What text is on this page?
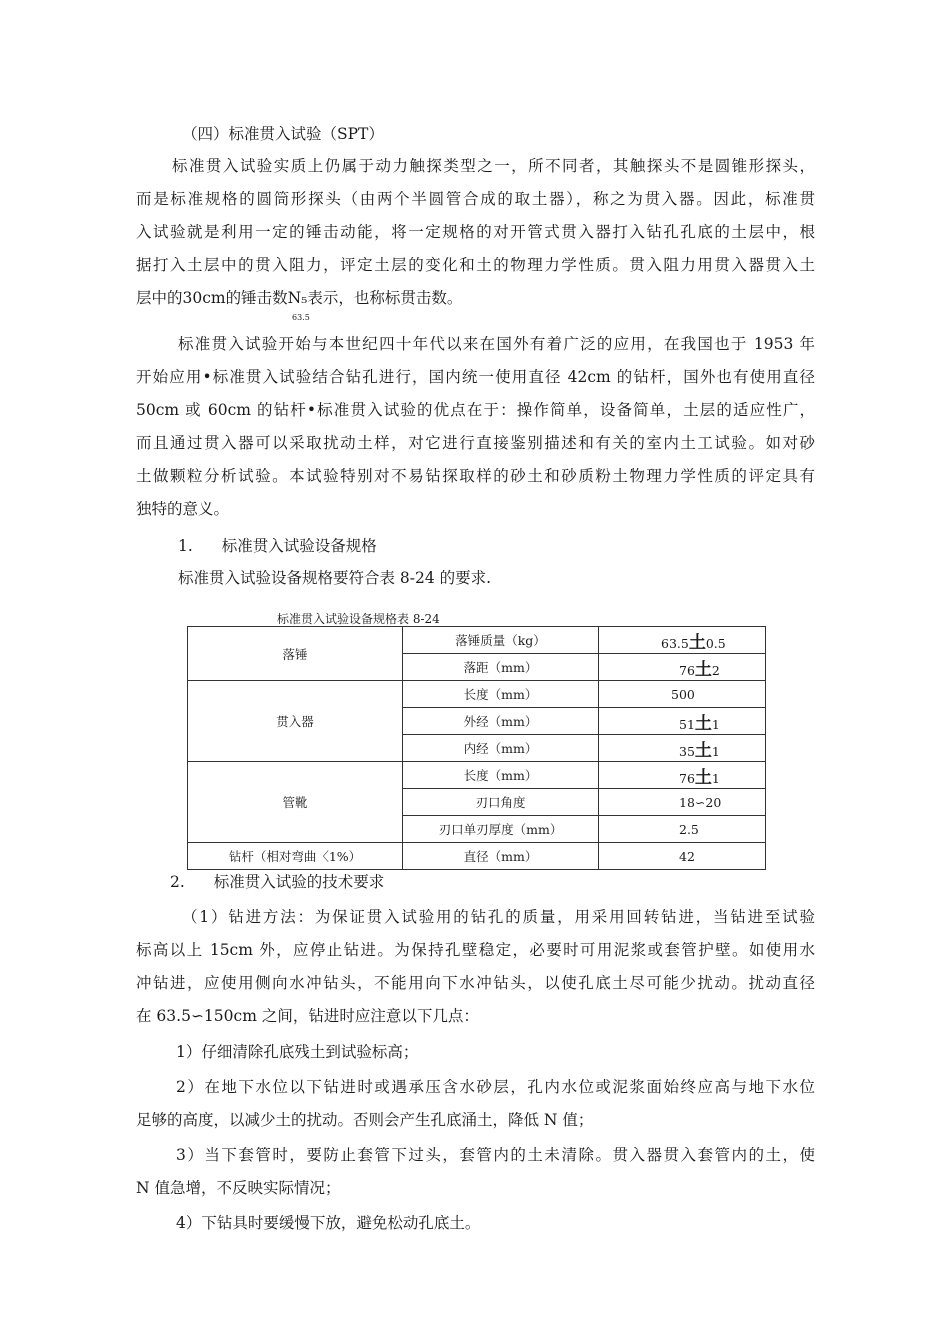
（四）标准贯入试验（SPT）
标准贯入试验实质上仍属于动力触探类型之一，所不同者，其触探头不是圆锥形探头，
而是标准规格的圆筒形探头（由两个半圆管合成的取土器），称之为贯入器。因此，标准贯
入试验就是利用一定的锤击动能，将一定规格的对开管式贯入器打入钻孔孔底的土层中，根
据打入土层中的贯入阻力，评定土层的变化和土的物理力学性质。贯入阻力用贯入器贯入土
层中的30cm的锤击数N₅表示，也称标贯击数。
63.5
标准贯入试验开始与本世纪四十年代以来在国外有着广泛的应用，在我国也于 1953 年
开始应用•标准贯入试验结合钻孔进行，国内统一使用直径 42cm 的钻杆，国外也有使用直径
50cm 或 60cm 的钻杆•标准贯入试验的优点在于：操作简单，设备简单，土层的适应性广，
而且通过贯入器可以采取扰动土样，对它进行直接鉴别描述和有关的室内土工试验。如对砂
土做颗粒分析试验。本试验特别对不易钻探取样的砂土和砂质粉土物理力学性质的评定具有
独特的意义。
1. 标准贯入试验设备规格
标准贯入试验设备规格要符合表 8-24 的要求.
标准贯入试验设备规格表 8-24
落锤	落锤质量（kg）	63.5土0.5
	落距（mm）	76土2
贯入器	长度（mm）	500
	外经（mm）	51土1
	内经（mm）	35土1
管靴	长度（mm）	76土1
	刃口角度	18∽20
	刃口单刃厚度（mm）	2.5
钻杆（相对弯曲〈1%）	直径（mm）	42
2. 标准贯入试验的技术要求
（1）钻进方法：为保证贯入试验用的钻孔的质量，用采用回转钻进，当钻进至试验
标高以上 15cm 外，应停止钻进。为保持孔壁稳定，必要时可用泥浆或套管护壁。如使用水
冲钻进，应使用侧向水冲钻头，不能用向下水冲钻头，以使孔底土尽可能少扰动。扰动直径
在 63.5∽150cm 之间，钻进时应注意以下几点：
1）仔细清除孔底残土到试验标高；
2）在地下水位以下钻进时或遇承压含水砂层，孔内水位或泥浆面始终应高与地下水位
足够的高度，以减少土的扰动。否则会产生孔底涌土，降低 N 值；
3）当下套管时，要防止套管下过头，套管内的土未清除。贯入器贯入套管内的土，使
N 值急增，不反映实际情况；
4）下钻具时要缓慢下放，避免松动孔底土。
